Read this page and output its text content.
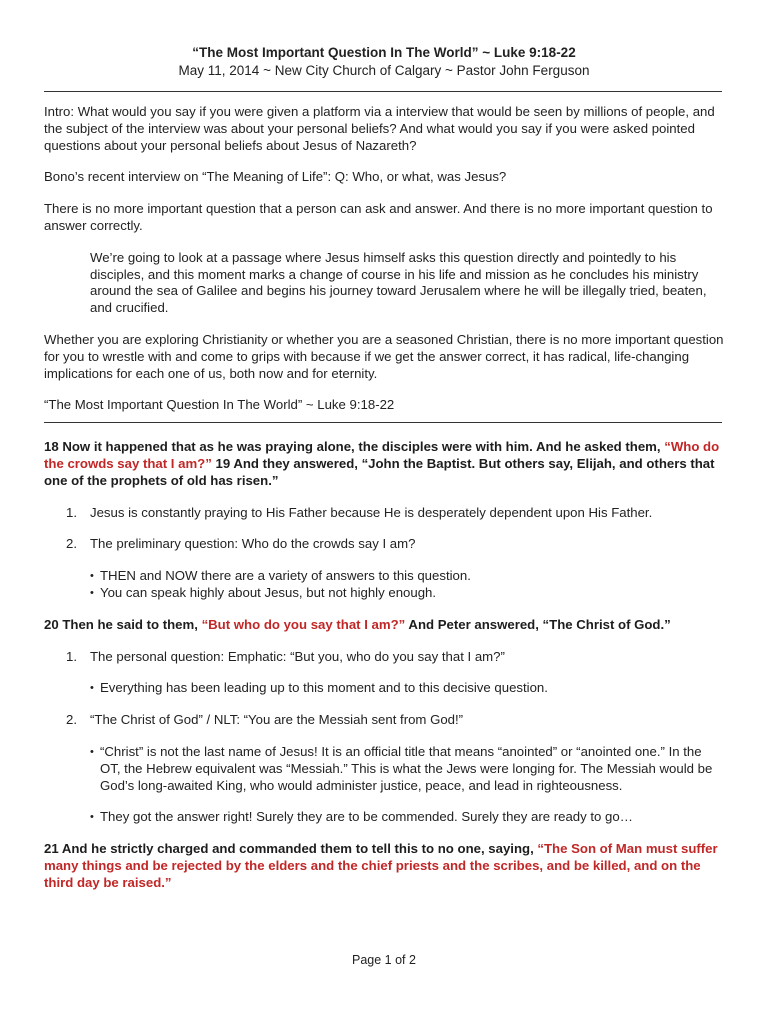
“The Most Important Question In The World” ~ Luke 9:18-22
May 11, 2014 ~ New City Church of Calgary ~ Pastor John Ferguson

Intro: What would you say if you were given a platform via a interview that would be seen by millions of people, and the subject of the interview was about your personal beliefs? And what would you say if you were asked pointed questions about your personal beliefs about Jesus of Nazareth?

Bono’s recent interview on “The Meaning of Life”: Q: Who, or what, was Jesus?

There is no more important question that a person can ask and answer. And there is no more important question to answer correctly.

We’re going to look at a passage where Jesus himself asks this question directly and pointedly to his disciples, and this moment marks a change of course in his life and mission as he concludes his ministry around the sea of Galilee and begins his journey toward Jerusalem where he will be illegally tried, beaten, and crucified.

Whether you are exploring Christianity or whether you are a seasoned Christian, there is no more important question for you to wrestle with and come to grips with because if we get the answer correct, it has radical, life-changing implications for each one of us, both now and for eternity.

“The Most Important Question In The World” ~ Luke 9:18-22

18 Now it happened that as he was praying alone, the disciples were with him. And he asked them, “Who do the crowds say that I am?” 19 And they answered, “John the Baptist. But others say, Elijah, and others that one of the prophets of old has risen.”

1. Jesus is constantly praying to His Father because He is desperately dependent upon His Father.
2. The preliminary question: Who do the crowds say I am?
• THEN and NOW there are a variety of answers to this question.
• You can speak highly about Jesus, but not highly enough.

20 Then he said to them, “But who do you say that I am?” And Peter answered, “The Christ of God.”

1. The personal question: Emphatic: “But you, who do you say that I am?”
• Everything has been leading up to this moment and to this decisive question.
2. “The Christ of God” / NLT: “You are the Messiah sent from God!”
• “Christ” is not the last name of Jesus! It is an official title that means “anointed” or “anointed one.” In the OT, the Hebrew equivalent was “Messiah.” This is what the Jews were longing for. The Messiah would be God’s long-awaited King, who would administer justice, peace, and lead in righteousness.
• They got the answer right! Surely they are to be commended. Surely they are ready to go…

21 And he strictly charged and commanded them to tell this to no one, saying, “The Son of Man must suffer many things and be rejected by the elders and the chief priests and the scribes, and be killed, and on the third day be raised.”

Page 1 of 2
